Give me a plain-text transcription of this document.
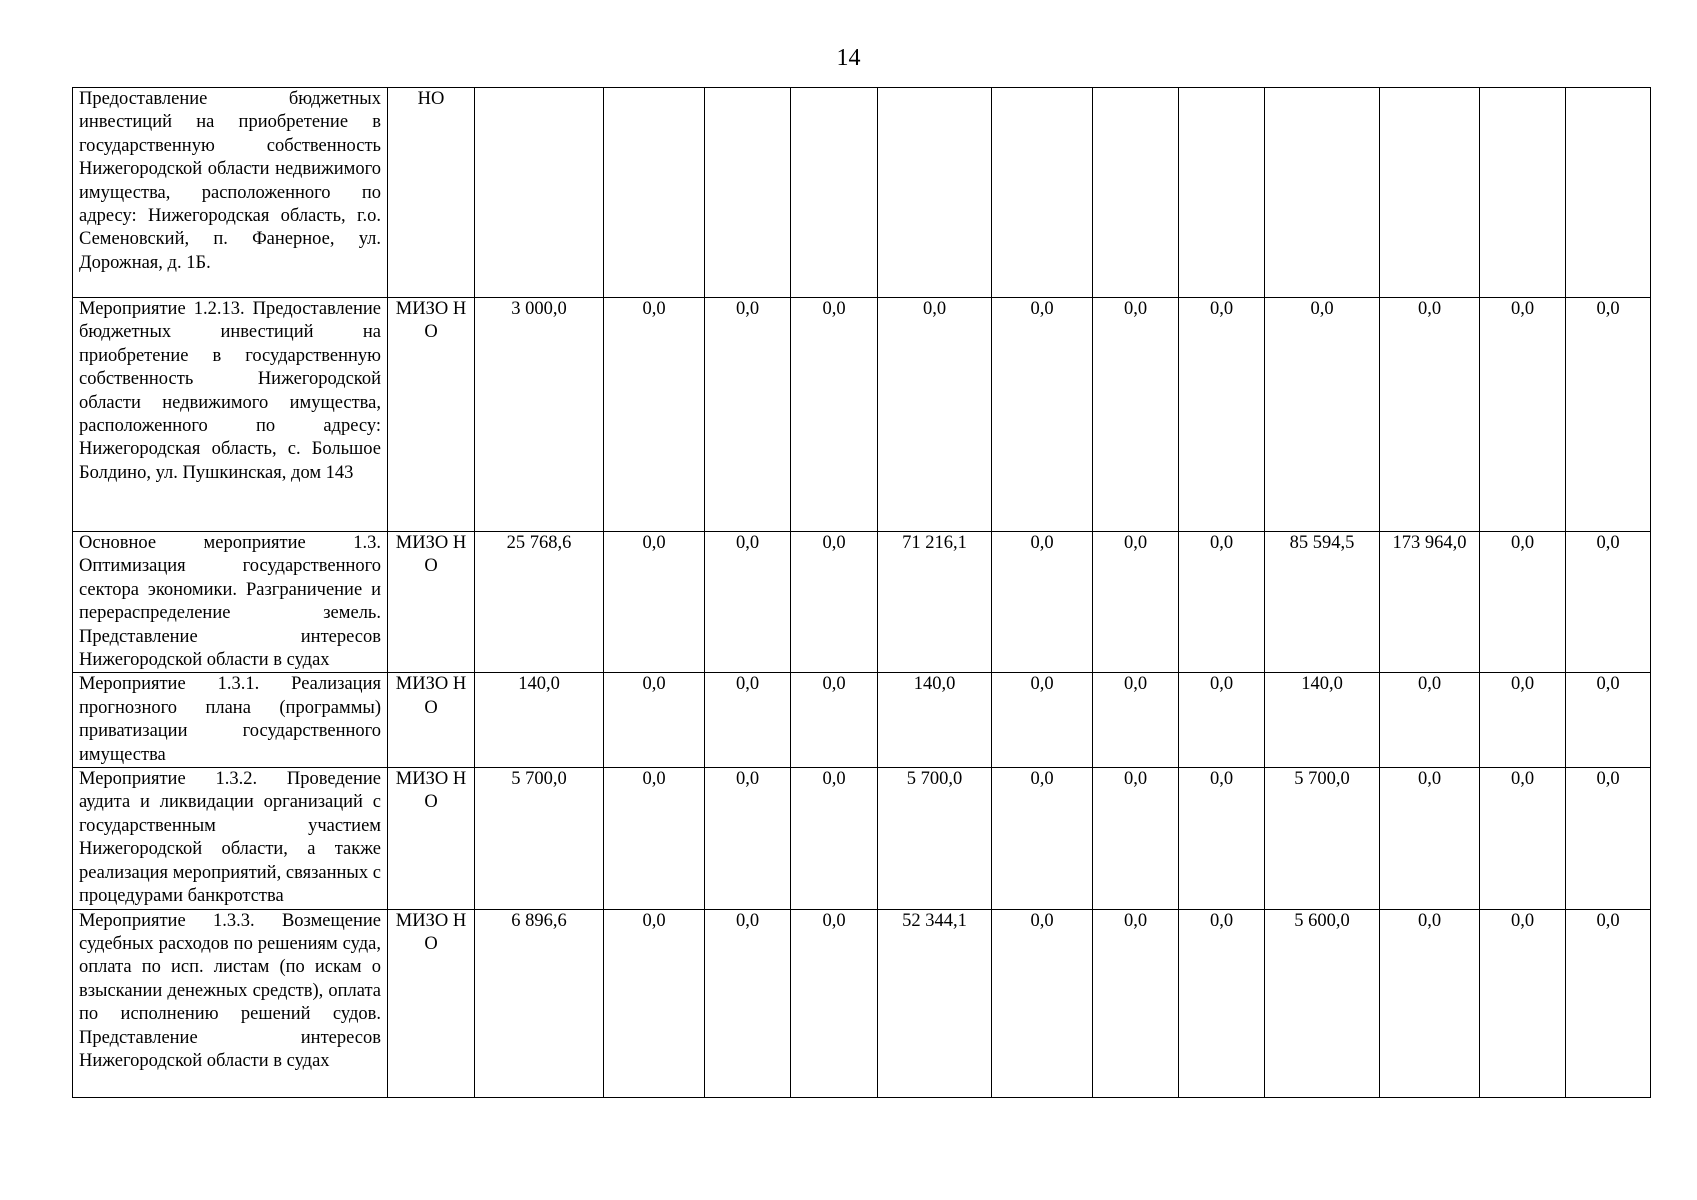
14
Предоставление бюджетных инвестиций на приобретение в государственную собственность Нижегородской области недвижимого имущества, расположенного по адресу: Нижегородская область, г.о. Семеновский, п. Фанерное, ул. Дорожная, д. 1Б.	НО												

Мероприятие 1.2.13. Предоставление бюджетных инвестиций на приобретение в государственную собственность Нижегородской области недвижимого имущества, расположенного по адресу: Нижегородская область, с. Большое Болдино, ул. Пушкинская, дом 143	МИЗО НО	3 000,0	0,0	0,0	0,0	0,0	0,0	0,0	0,0	0,0	0,0	0,0	0,0

Основное мероприятие 1.3. Оптимизация государственного сектора экономики. Разграничение и перераспределение земель. Представление интересов Нижегородской области в судах	МИЗО НО	25 768,6	0,0	0,0	0,0	71 216,1	0,0	0,0	0,0	85 594,5	173 964,0	0,0	0,0

Мероприятие 1.3.1. Реализация прогнозного плана (программы) приватизации государственного имущества	МИЗО НО	140,0	0,0	0,0	0,0	140,0	0,0	0,0	0,0	140,0	0,0	0,0	0,0

Мероприятие 1.3.2. Проведение аудита и ликвидации организаций с государственным участием Нижегородской области, а также реализация мероприятий, связанных с процедурами банкротства	МИЗО НО	5 700,0	0,0	0,0	0,0	5 700,0	0,0	0,0	0,0	5 700,0	0,0	0,0	0,0

Мероприятие 1.3.3. Возмещение судебных расходов по решениям суда, оплата по исп. листам (по искам о взыскании денежных средств), оплата по исполнению решений судов. Представление интересов Нижегородской области в судах	МИЗО НО	6 896,6	0,0	0,0	0,0	52 344,1	0,0	0,0	0,0	5 600,0	0,0	0,0	0,0
